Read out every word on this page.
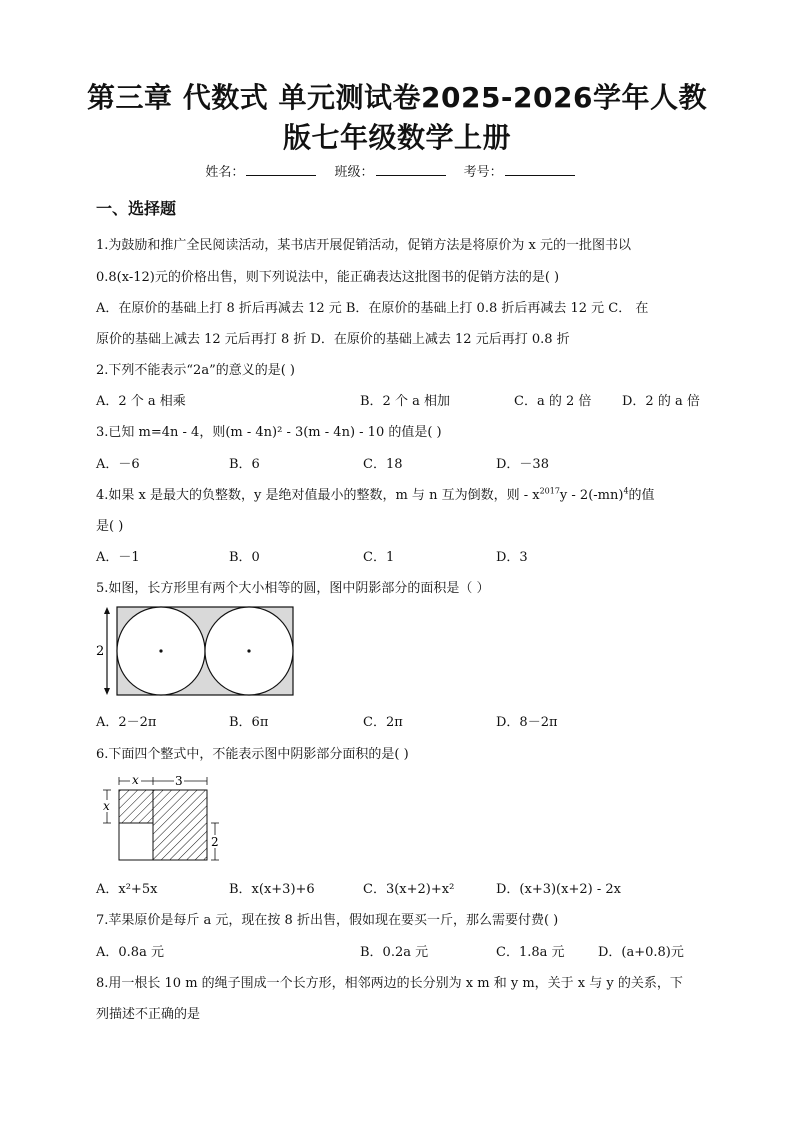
第三章 代数式 单元测试卷2025-2026学年人教
版七年级数学上册
姓名：	班级：	考号：
一、选择题
1.为鼓励和推广全民阅读活动，某书店开展促销活动，促销方法是将原价为 x 元的一批图书以
0.8(x-12)元的价格出售，则下列说法中，能正确表达这批图书的促销方法的是( )
A．在原价的基础上打 8 折后再减去 12 元 B．在原价的基础上打 0.8 折后再减去 12 元 C． 在
原价的基础上减去 12 元后再打 8 折 D．在原价的基础上减去 12 元后再打 0.8 折
2.下列不能表示“2a”的意义的是( )
A．2 个 a 相乘	B．2 个 a 相加	C．a 的 2 倍 D．2 的 a 倍
3.已知 m=4n - 4，则(m - 4n)² - 3(m - 4n) - 10 的值是( )
A．－6	B．6	C．18	D．－38
4.如果 x 是最大的负整数，y 是绝对值最小的整数，m 与 n 互为倒数，则 - $x^{2017}y - 2(-mn)^4$的值
是( )
A．－1	B．0	C．1	D．3
5.如图，长方形里有两个大小相等的圆，图中阴影部分的面积是（ ）
2
A．2－2π	B．6π	C．2π	D．8－2π
6.下面四个整式中，不能表示图中阴影部分面积的是( )
x	3
x
2
A．x²+5x	B．x(x+3)+6	C．3(x+2)+x²	D．(x+3)(x+2) - 2x
7.苹果原价是每斤 a 元，现在按 8 折出售，假如现在要买一斤，那么需要付费( )
A．0.8a 元	B．0.2a 元	C．1.8a 元	D．(a+0.8)元
8.用一根长 10 m 的绳子围成一个长方形，相邻两边的长分别为 x m 和 y m，关于 x 与 y 的关系，下
列描述不正确的是
